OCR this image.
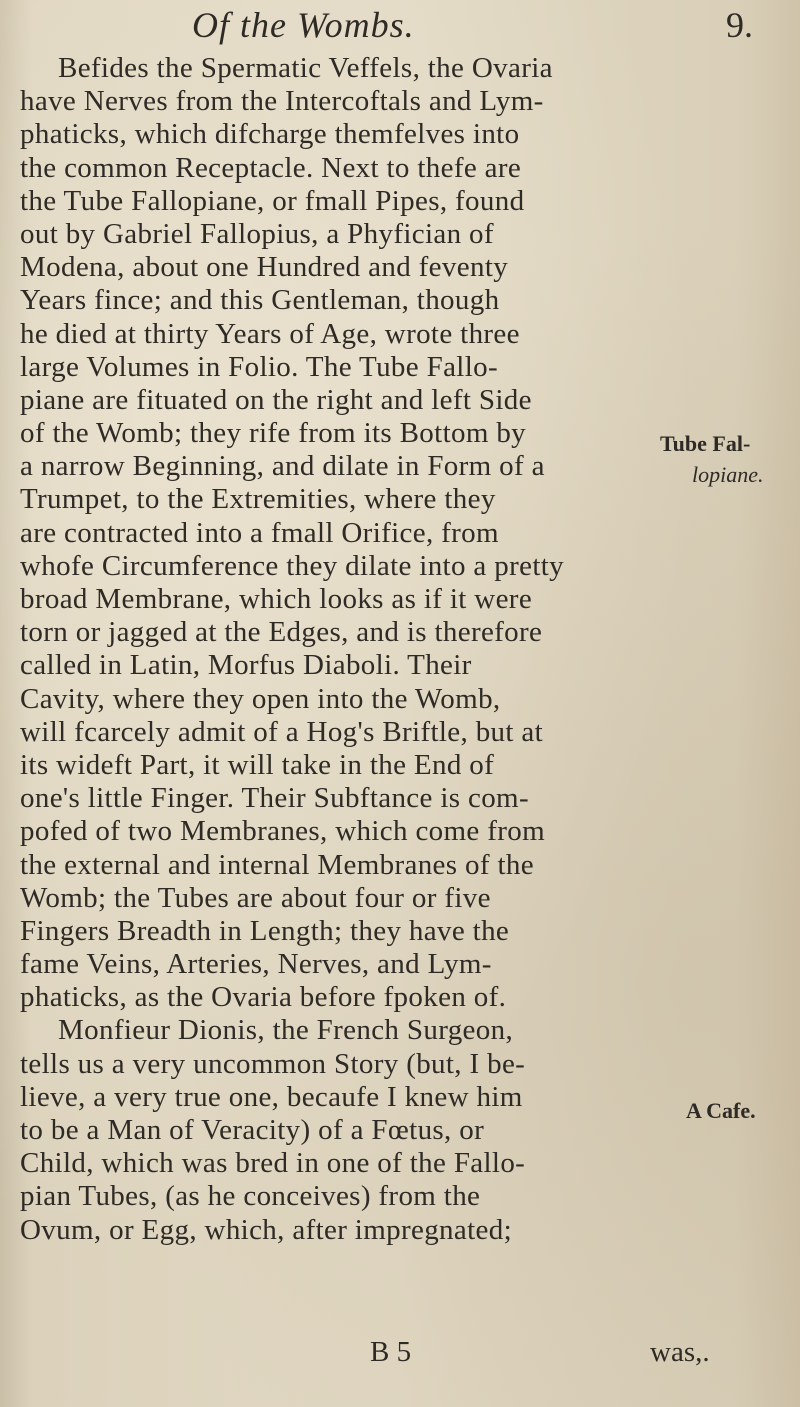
Of the Wombs.	9.
Befides the Spermatic Veffels, the Ovaria
have Nerves from the Intercoftals and Lym-
phaticks, which difcharge themfelves into
the common Receptacle. Next to thefe are
the Tube Fallopiane, or fmall Pipes, found
out by Gabriel Fallopius, a Phyfician of
Modena, about one Hundred and feventy
Years fince; and this Gentleman, though
he died at thirty Years of Age, wrote three
large Volumes in Folio. The Tube Fallo-
piane are fituated on the right and left Side
of the Womb; they rife from its Bottom by
a narrow Beginning, and dilate in Form of a
Trumpet, to the Extremities, where they
are contracted into a fmall Orifice, from
whofe Circumference they dilate into a pretty
broad Membrane, which looks as if it were
torn or jagged at the Edges, and is therefore
called in Latin, Morfus Diaboli. Their
Cavity, where they open into the Womb,
will fcarcely admit of a Hog's Briftle, but at
its wideft Part, it will take in the End of
one's little Finger. Their Subftance is com-
pofed of two Membranes, which come from
the external and internal Membranes of the
Womb; the Tubes are about four or five
Fingers Breadth in Length; they have the
fame Veins, Arteries, Nerves, and Lym-
phaticks, as the Ovaria before fpoken of.
Monfieur Dionis, the French Surgeon,
tells us a very uncommon Story (but, I be-
lieve, a very true one, becaufe I knew him
to be a Man of Veracity) of a Fœtus, or
Child, which was bred in one of the Fallo-
pian Tubes, (as he conceives) from the
Ovum, or Egg, which, after impregnated;
Tube Fal-
lopiane.
A Cafe.
B 5	was,.
